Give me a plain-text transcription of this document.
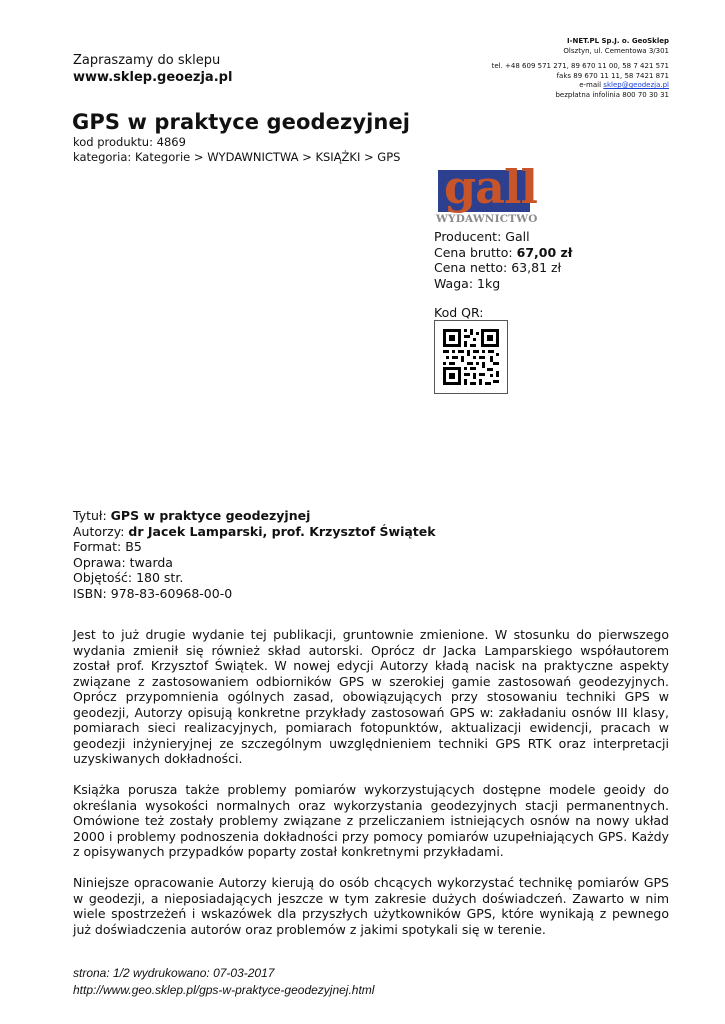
Zapraszamy do sklepu
www.sklep.geoezja.pl
I-NET.PL Sp.J. o. GeoSklep
Olsztyn, ul. Cementowa 3/301
tel. +48 609 571 271, 89 670 11 00, 58 7 421 571
faks 89 670 11 11, 58 7421 871
e-mail sklep@geodezja.pl
bezpłatna infolinia 800 70 30 31
GPS w praktyce geodezyjnej
kod produktu: 4869
kategoria: Kategorie > WYDAWNICTWA > KSIĄŻKI > GPS
gall
WYDAWNICTWO
Producent: Gall
Cena brutto: 67,00 zł
Cena netto: 63,81 zł
Waga: 1kg
Kod QR:
Tytuł: GPS w praktyce geodezyjnej
Autorzy: dr Jacek Lamparski, prof. Krzysztof Świątek
Format: B5
Oprawa: twarda
Objętość: 180 str.
ISBN: 978-83-60968-00-0

Jest to już drugie wydanie tej publikacji, gruntownie zmienione. W stosunku do pierwszego wydania zmienił się również skład autorski. Oprócz dr Jacka Lamparskiego współautorem został prof. Krzysztof Świątek. W nowej edycji Autorzy kładą nacisk na praktyczne aspekty związane z zastosowaniem odbiorników GPS w szerokiej gamie zastosowań geodezyjnych. Oprócz przypomnienia ogólnych zasad, obowiązujących przy stosowaniu techniki GPS w geodezji, Autorzy opisują konkretne przykłady zastosowań GPS w: zakładaniu osnów III klasy, pomiarach sieci realizacyjnych, pomiarach fotopunktów, aktualizacji ewidencji, pracach w geodezji inżynieryjnej ze szczególnym uwzględnieniem techniki GPS RTK oraz interpretacji uzyskiwanych dokładności.

Książka porusza także problemy pomiarów wykorzystujących dostępne modele geoidy do określania wysokości normalnych oraz wykorzystania geodezyjnych stacji permanentnych. Omówione też zostały problemy związane z przeliczaniem istniejących osnów na nowy układ 2000 i problemy podnoszenia dokładności przy pomocy pomiarów uzupełniających GPS. Każdy z opisywanych przypadków poparty został konkretnymi przykładami.

Niniejsze opracowanie Autorzy kierują do osób chcących wykorzystać technikę pomiarów GPS w geodezji, a nieposiadających jeszcze w tym zakresie dużych doświadczeń. Zawarto w nim wiele spostrzeżeń i wskazówek dla przyszłych użytkowników GPS, które wynikają z pewnego już doświadczenia autorów oraz problemów z jakimi spotykali się w terenie.

strona: 1/2 wydrukowano: 07-03-2017
http://www.geo.sklep.pl/gps-w-praktyce-geodezyjnej.html
